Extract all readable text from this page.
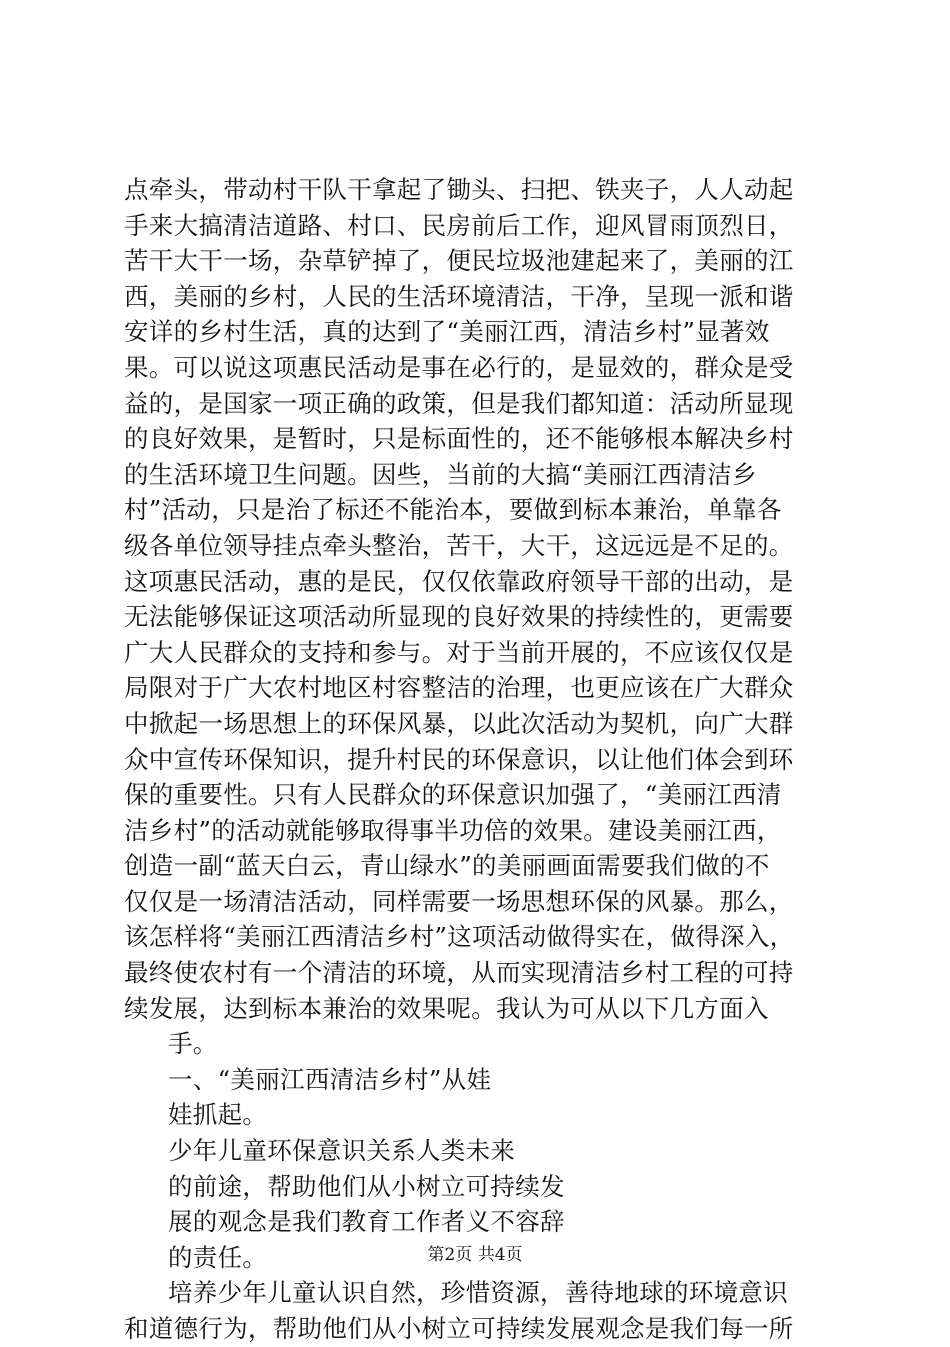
点牵头，带动村干队干拿起了锄头、扫把、铁夹子，人人动起
手来大搞清洁道路、村口、民房前后工作，迎风冒雨顶烈日，
苦干大干一场，杂草铲掉了，便民垃圾池建起来了，美丽的江
西，美丽的乡村，人民的生活环境清洁，干净，呈现一派和谐
安详的乡村生活，真的达到了“美丽江西，清洁乡村”显著效
果。可以说这项惠民活动是事在必行的，是显效的，群众是受
益的，是国家一项正确的政策，但是我们都知道：活动所显现
的良好效果，是暂时，只是标面性的，还不能够根本解决乡村
的生活环境卫生问题。因些，当前的大搞“美丽江西清洁乡
村”活动，只是治了标还不能治本，要做到标本兼治，单靠各
级各单位领导挂点牵头整治，苦干，大干，这远远是不足的。
这项惠民活动，惠的是民，仅仅依靠政府领导干部的出动，是
无法能够保证这项活动所显现的良好效果的持续性的，更需要
广大人民群众的支持和参与。对于当前开展的，不应该仅仅是
局限对于广大农村地区村容整洁的治理，也更应该在广大群众
中掀起一场思想上的环保风暴，以此次活动为契机，向广大群
众中宣传环保知识，提升村民的环保意识，以让他们体会到环
保的重要性。只有人民群众的环保意识加强了，“美丽江西清
洁乡村”的活动就能够取得事半功倍的效果。建设美丽江西，
创造一副“蓝天白云，青山绿水”的美丽画面需要我们做的不
仅仅是一场清洁活动，同样需要一场思想环保的风暴。那么，
该怎样将“美丽江西清洁乡村”这项活动做得实在，做得深入，
最终使农村有一个清洁的环境，从而实现清洁乡村工程的可持
续发展，达到标本兼治的效果呢。我认为可从以下几方面入
手。
一、“美丽江西清洁乡村”从娃
娃抓起。
少年儿童环保意识关系人类未来
的前途，帮助他们从小树立可持续发
展的观念是我们教育工作者义不容辞
的责任。
培养少年儿童认识自然，珍惜资源，善待地球的环境意识
和道德行为，帮助他们从小树立可持续发展观念是我们每一所
第2页 共4页
